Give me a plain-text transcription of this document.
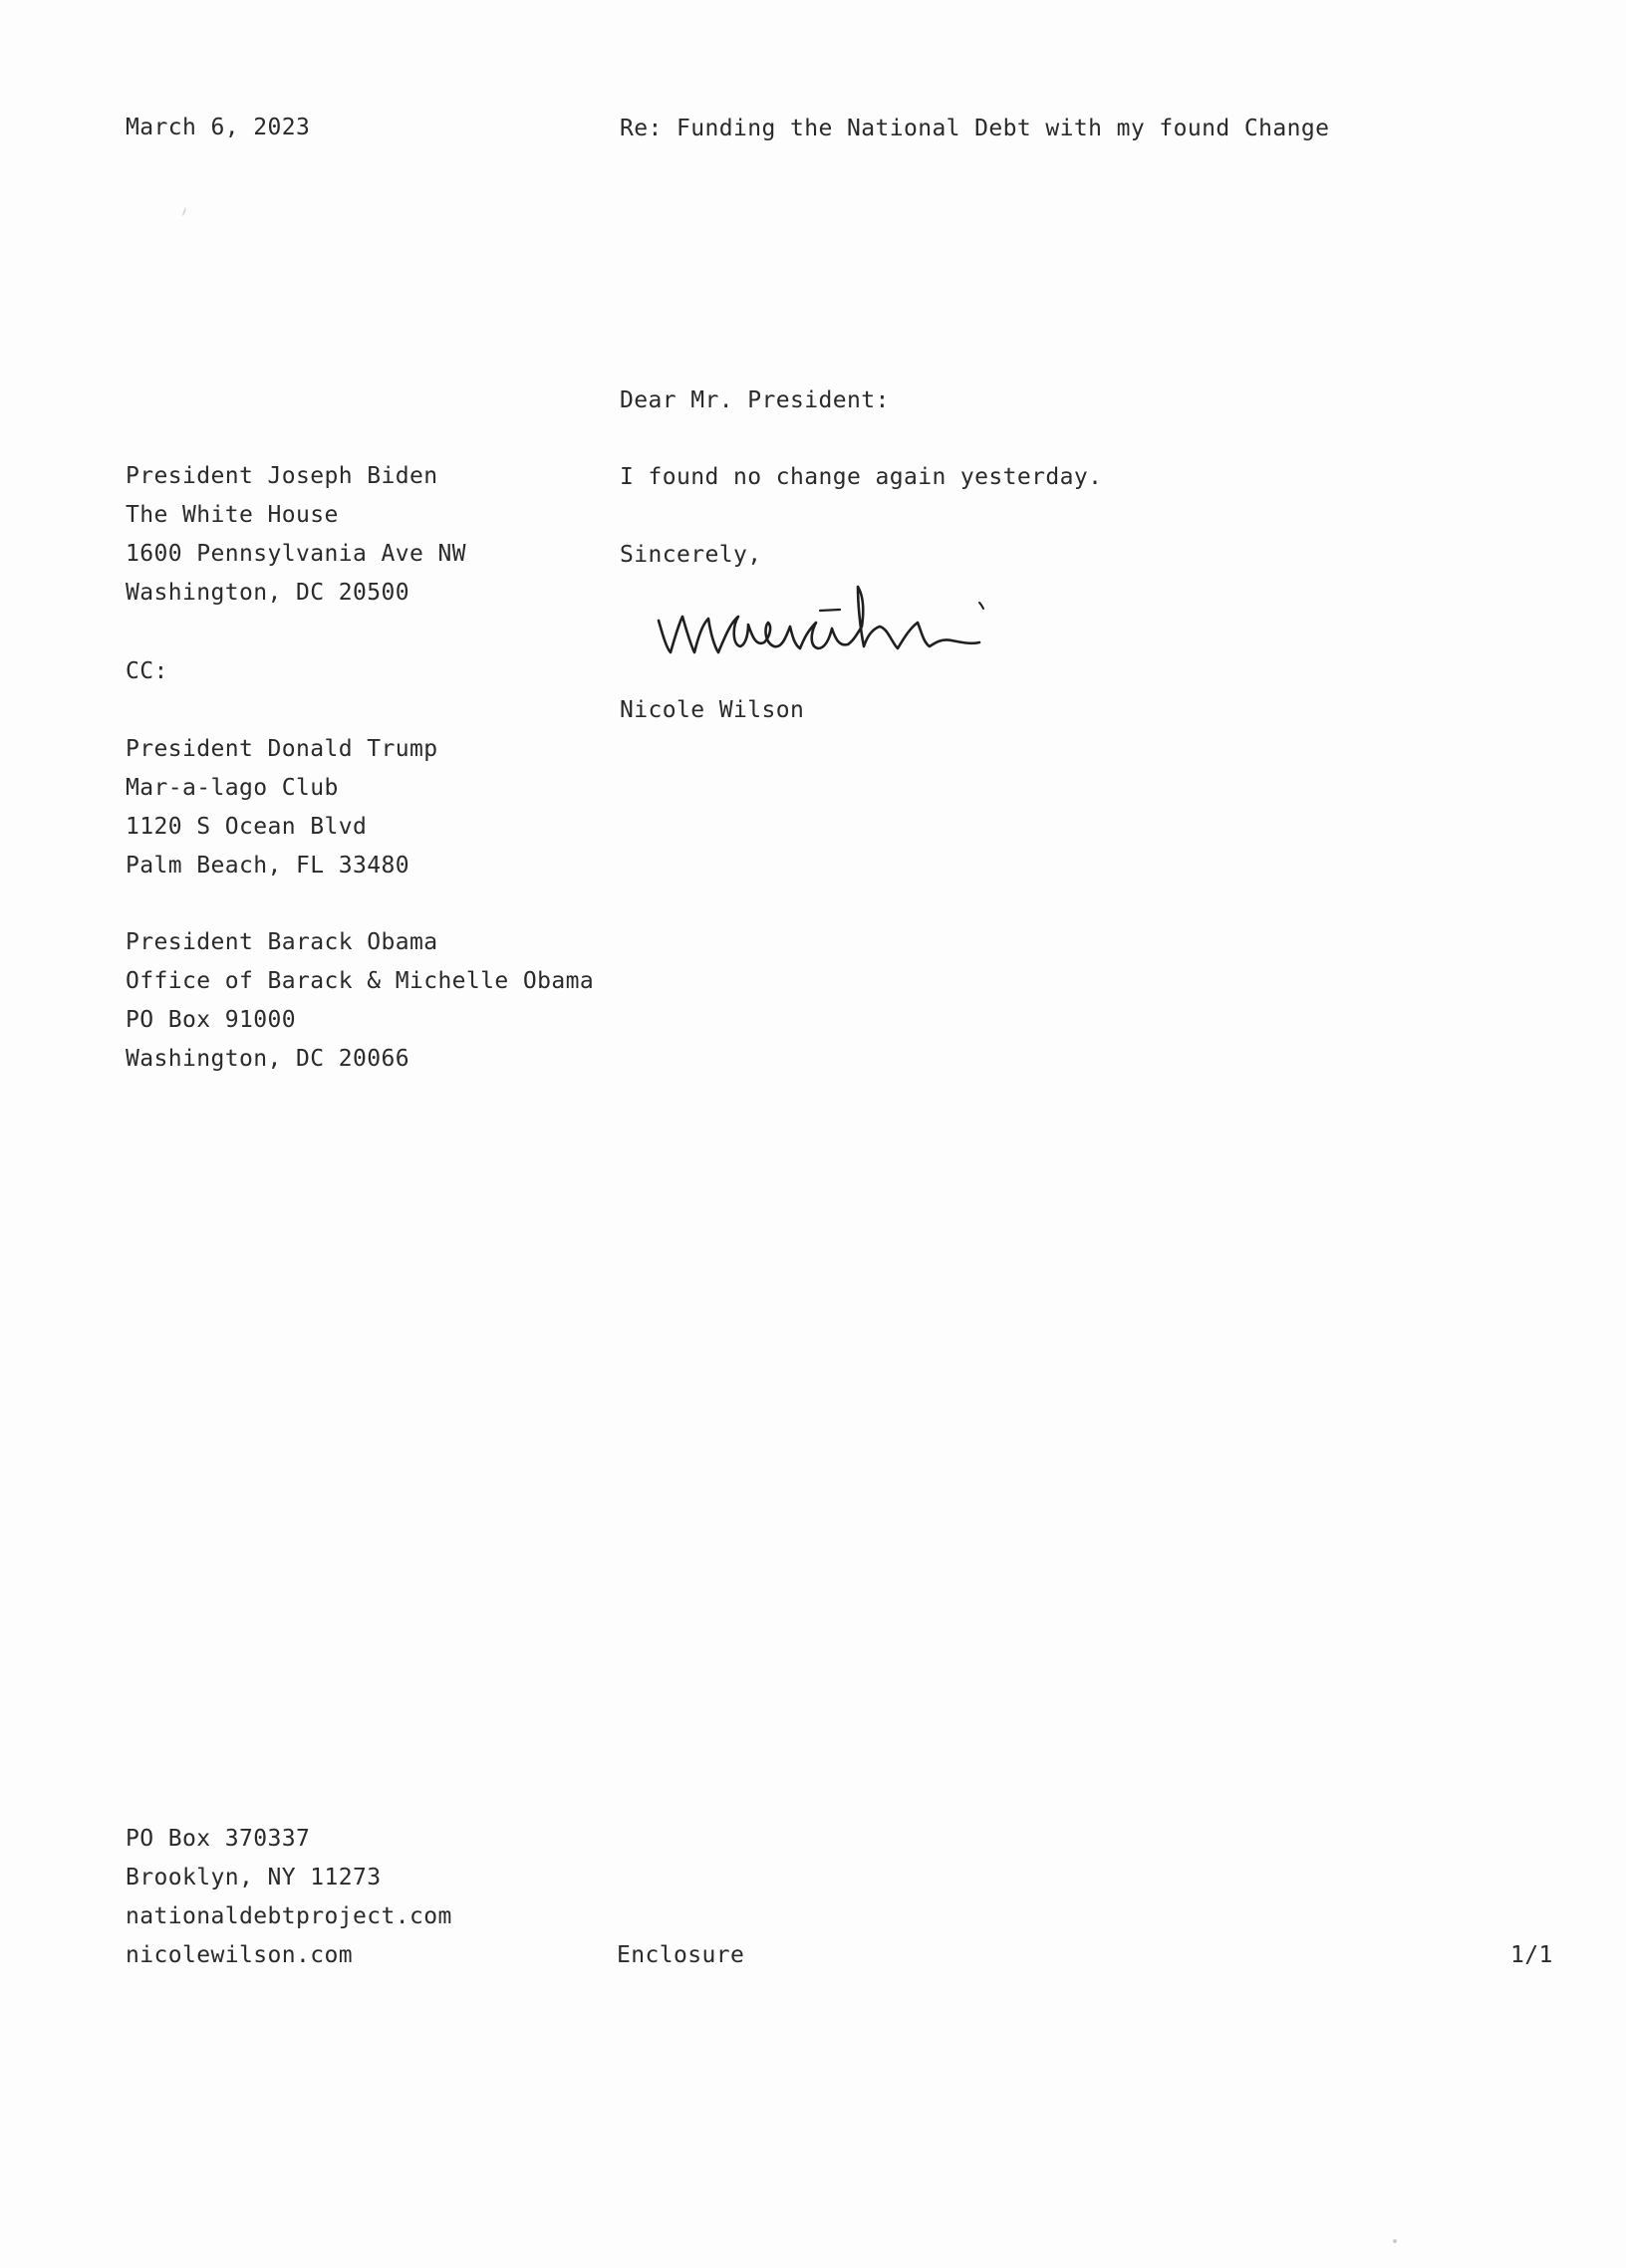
March 6, 2023	Re: Funding the National Debt with my found Change
Dear Mr. President:
President Joseph Biden
The White House
1600 Pennsylvania Ave NW
Washington, DC 20500
I found no change again yesterday.
Sincerely,
CC:
Nicole Wilson
President Donald Trump
Mar-a-lago Club
1120 S Ocean Blvd
Palm Beach, FL 33480
President Barack Obama
Office of Barack & Michelle Obama
PO Box 91000
Washington, DC 20066
PO Box 370337
Brooklyn, NY 11273
nationaldebtproject.com
nicolewilson.com	Enclosure	1/1
